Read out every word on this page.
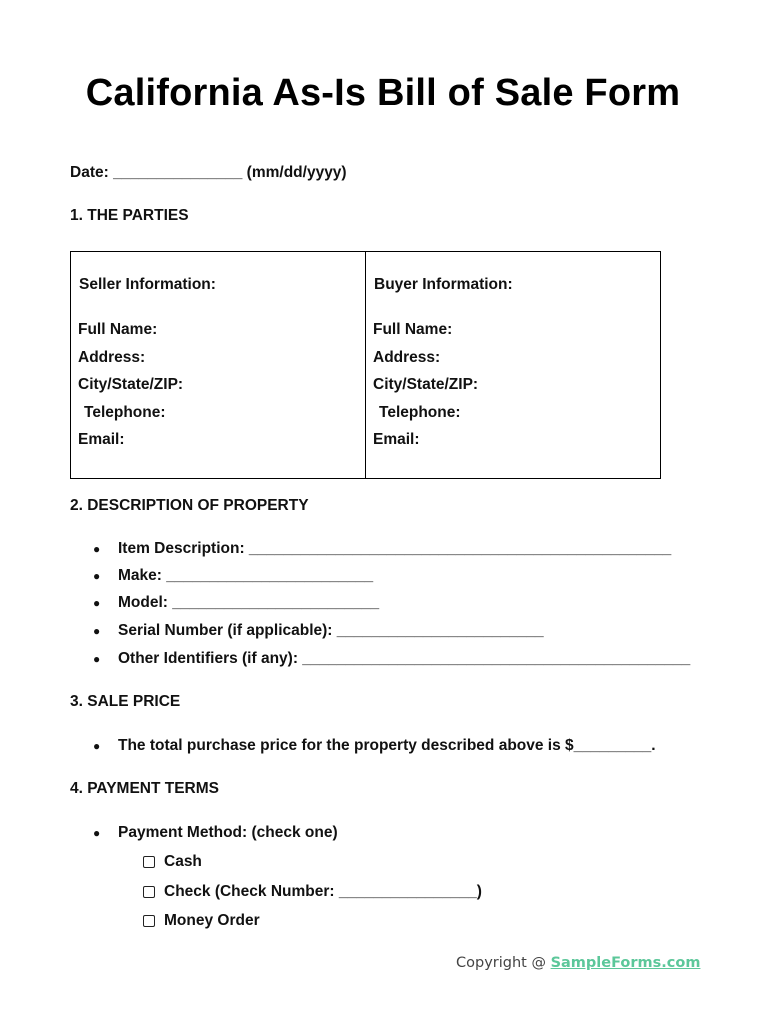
California As-Is Bill of Sale Form
Date: _______________ (mm/dd/yyyy)
1. THE PARTIES
Seller Information:
Full Name:
Address:
City/State/ZIP:
Telephone:
Email:
Buyer Information:
Full Name:
Address:
City/State/ZIP:
Telephone:
Email:
2. DESCRIPTION OF PROPERTY
●	Item Description: _________________________________________________
●	Make: ________________________
●	Model: ________________________
●	Serial Number (if applicable): ________________________
●	Other Identifiers (if any): _____________________________________________
3. SALE PRICE
●	The total purchase price for the property described above is $_________.
4. PAYMENT TERMS
●	Payment Method: (check one)
Cash
Check (Check Number: ________________)
Money Order
Copyright @ SampleForms.com
